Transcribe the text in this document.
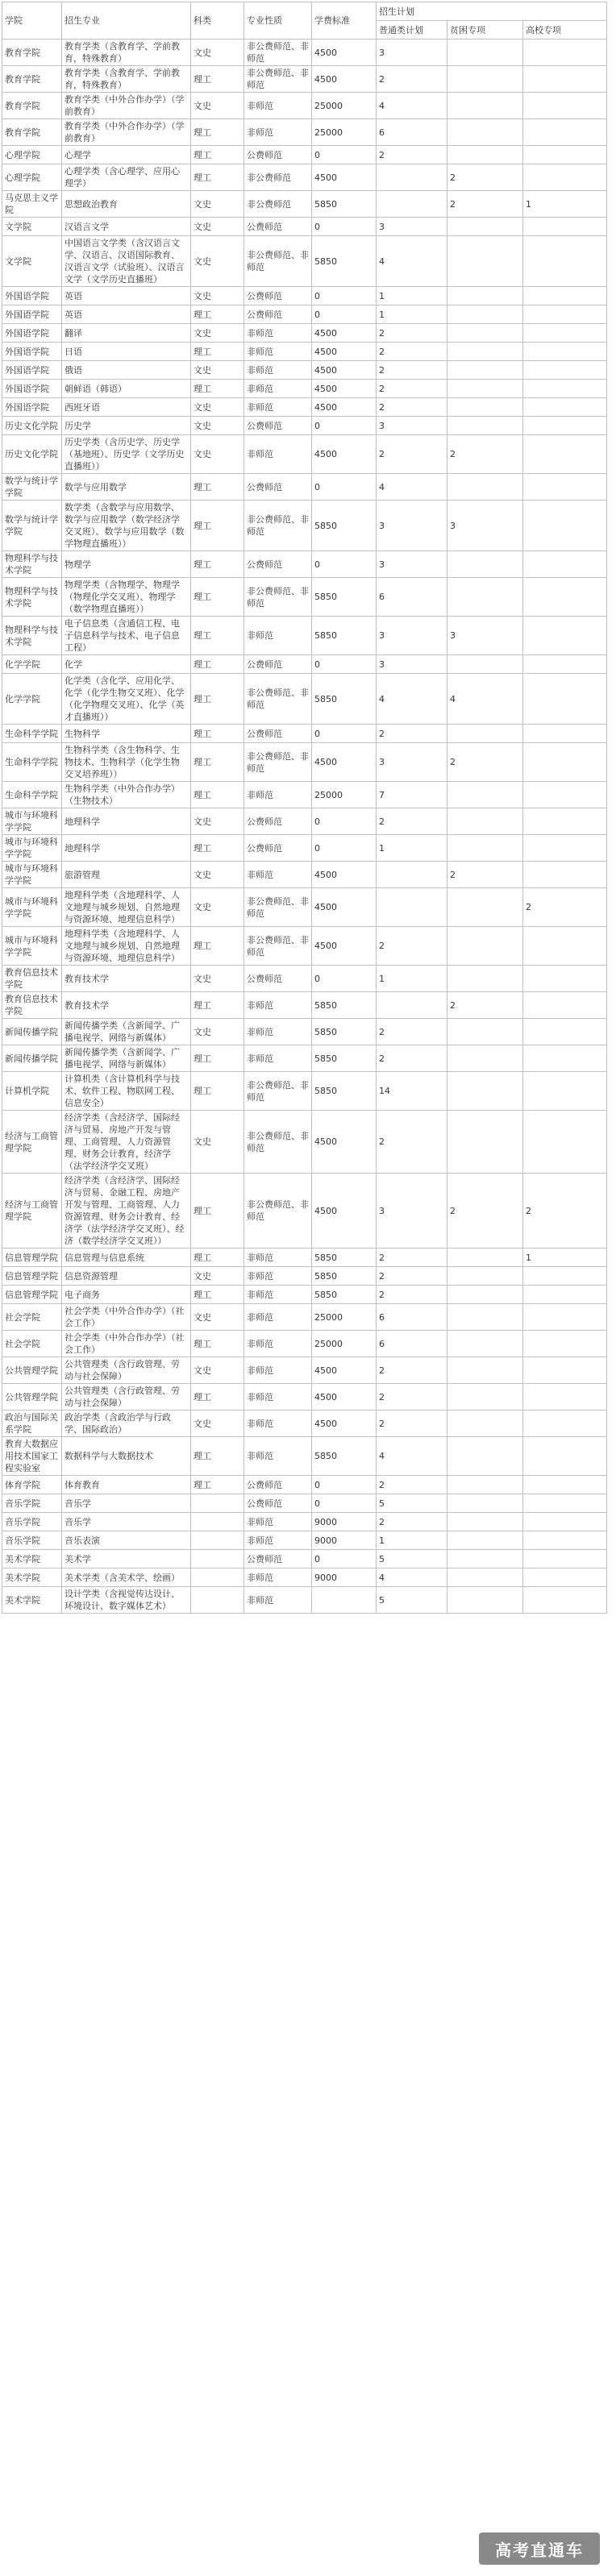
学院	招生专业	科类	专业性质	学费标准	招生计划		
					普通类计划	贫困专项	高校专项
教育学院	教育学类（含教育学、学前教育，特殊教育）	文史	非公费师范、非师范	4500	3		
教育学院	教育学类（含教育学、学前教育，特殊教育）	理工	非公费师范、非师范	4500	2		
教育学院	教育学类（中外合作办学）（学前教育）	文史	非师范	25000	4		
教育学院	教育学类（中外合作办学）（学前教育）	理工	非师范	25000	6		
心理学院	心理学	理工	公费师范	0	2		
心理学院	心理学类（含心理学、应用心理学）	理工	非公费师范	4500		2	
马克思主义学院	思想政治教育	文史	非公费师范	5850		2	1
文学院	汉语言文学	文史	公费师范	0	3		
文学院	中国语言文学类（含汉语言文学、汉语言、汉语国际教育、汉语言文学（试验班）、汉语言文学（文学历史直播班）	文史	非公费师范、非师范	5850	4		
外国语学院	英语	文史	公费师范	0	1		
外国语学院	英语	理工	公费师范	0	1		
外国语学院	翻译	文史	非师范	4500	2		
外国语学院	日语	理工	非师范	4500	2		
外国语学院	俄语	文史	非师范	4500	2		
外国语学院	朝鲜语（韩语）	理工	非师范	4500	2		
外国语学院	西班牙语	文史	非师范	4500	2		
历史文化学院	历史学	文史	公费师范	0	3		
历史文化学院	历史学类（含历史学、历史学（基地班）、历史学（文学历史直播班））	文史	非师范	4500	2	2	
数学与统计学学院	数学与应用数学	理工	公费师范	0	4		
数学与统计学学院	数学类（含数学与应用数学、数学与应用数学（数学经济学交叉班）、数学与应用数学（数学物理直播班））	理工	非公费师范、非师范	5850	3	3	
物理科学与技术学院	物理学	理工	公费师范	0	3		
物理科学与技术学院	物理学类（含物理学、物理学（物理化学交叉班）、物理学（数学物理直播班））	理工	非公费师范、非师范	5850	6		
物理科学与技术学院	电子信息类（含通信工程、电子信息科学与技术、电子信息工程）	理工	非师范	5850	3	3	
化学学院	化学	理工	公费师范	0	3		
化学学院	化学类（含化学、应用化学、化学（化学生物交叉班）、化学（化学物理交叉班）、化学（英才直播班））	理工	非公费师范、非师范	5850	4	4	
生命科学学院	生物科学	理工	公费师范	0	2		
生命科学学院	生物科学类（含生物科学、生物技术、生物科学（化学生物交叉培养班））	理工	非公费师范、非师范	4500	3	2	
生命科学学院	生物科学类（中外合作办学）（生物技术）	理工	非师范	25000	7		
城市与环境科学学院	地理科学	文史	公费师范	0	2		
城市与环境科学学院	地理科学	理工	公费师范	0	1		
城市与环境科学学院	旅游管理	文史	非师范	4500		2	
城市与环境科学学院	地理科学类（含地理科学、人文地理与城乡规划、自然地理与资源环境、地理信息科学）	文史	非公费师范、非师范	4500			2
城市与环境科学学院	地理科学类（含地理科学、人文地理与城乡规划、自然地理与资源环境、地理信息科学）	理工	非公费师范、非师范	4500	2		
教育信息技术学院	教育技术学	文史	公费师范	0	1		
教育信息技术学院	教育技术学	理工	非师范	5850		2	
新闻传播学院	新闻传播学类（含新闻学、广播电视学、网络与新媒体）	文史	非师范	5850	2		
新闻传播学院	新闻传播学类（含新闻学、广播电视学、网络与新媒体）	理工	非师范	5850	2		
计算机学院	计算机类（含计算机科学与技术、软件工程、物联网工程、信息安全）	理工	非公费师范、非师范	5850	14		
经济与工商管理学院	经济学类（含经济学、国际经济与贸易、房地产开发与管理、工商管理、人力资源管理、财务会计教育，经济学（法学经济学交叉班）	文史	非公费师范、非师范	4500	2		
经济与工商管理学院	经济学类（含经济学、国际经济与贸易、金融工程、房地产开发与管理、工商管理、人力资源管理、财务会计教育、经济学（法学经济学交叉班）、经济（数学经济学交叉班））	理工	非公费师范、非师范	4500	3	2	2
信息管理学院	信息管理与信息系统	理工	非师范	5850	2		1
信息管理学院	信息资源管理	文史	非师范	5850	2		
信息管理学院	电子商务	理工	非师范	5850	2		
社会学院	社会学类（中外合作办学）（社会工作）	文史	非师范	25000	6		
社会学院	社会学类（中外合作办学）（社会工作）	理工	非师范	25000	6		
公共管理学院	公共管理类（含行政管理、劳动与社会保障）	文史	非师范	4500	2		
公共管理学院	公共管理类（含行政管理、劳动与社会保障）	理工	非师范	4500	2		
政治与国际关系学院	政治学类（含政治学与行政学、国际政治）	文史	非师范	4500	2		
教育大数据应用技术国家工程实验室	数据科学与大数据技术	理工	非师范	5850	4		
体育学院	体育教育	理工	公费师范	0	2		
音乐学院	音乐学		公费师范	0	5		
音乐学院	音乐学		非师范	9000	2		
音乐学院	音乐表演		非师范	9000	1		
美术学院	美术学		公费师范	0	5		
美术学院	美术学类（含美术学、绘画）		非师范	9000	4		
美术学院	设计学类（含视觉传达设计、环境设计、数字媒体艺术）		非师范		5		
高考直通车
